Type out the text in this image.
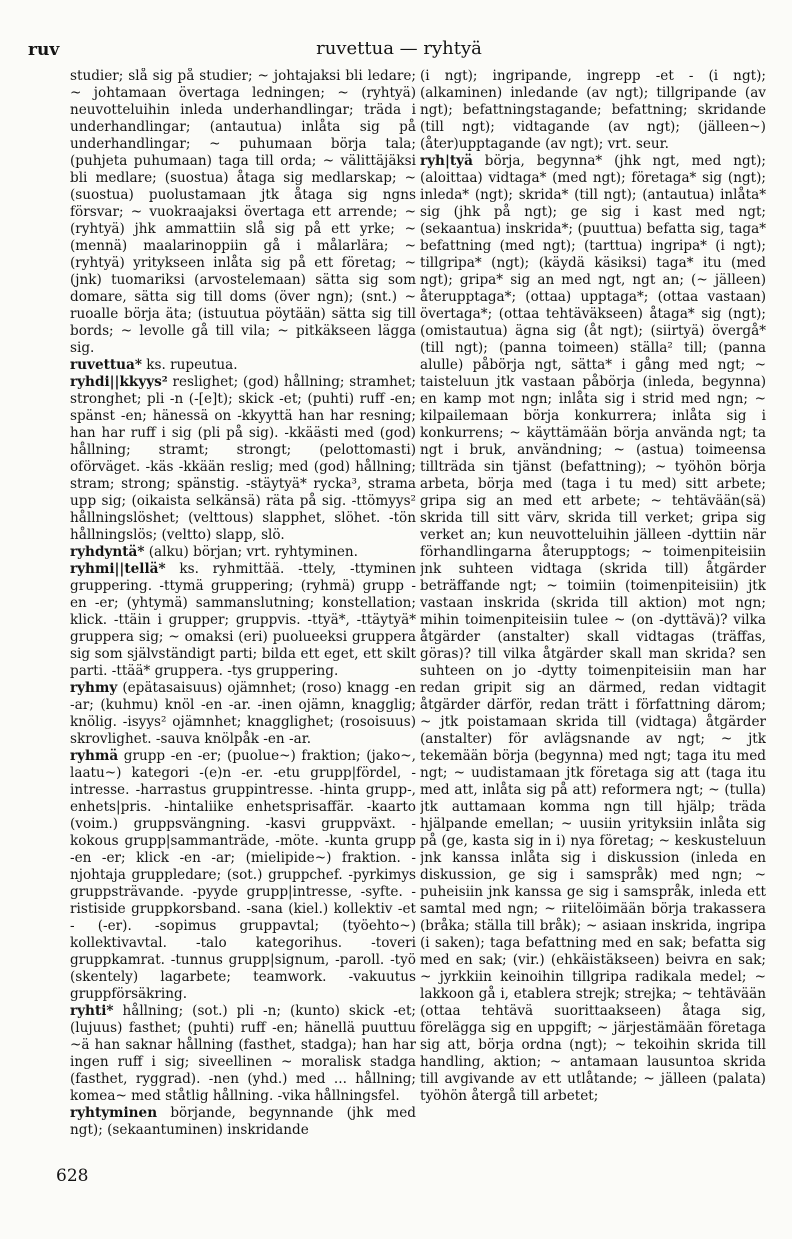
ruv	ruvettua — ryhtyä

studier; slå sig på studier; ~ johtajaksi bli ledare; ~ johtamaan övertaga ledningen; ~ (ryhtyä) neuvotteluihin inleda underhandlingar; träda i underhandlingar; (antautua) inlåta sig på underhandlingar; ~ puhumaan börja tala; (puhjeta puhumaan) taga till orda; ~ välittäjäksi bli medlare; (suostua) åtaga sig medlarskap; ~ (suostua) puolustamaan jtk åtaga sig ngns försvar; ~ vuokraajaksi övertaga ett arrende; ~ (ryhtyä) jhk ammattiin slå sig på ett yrke; ~ (mennä) maalarinoppiin gå i målarlära; ~ (ryhtyä) yritykseen inlåta sig på ett företag; ~ (jnk) tuomariksi (arvostelemaan) sätta sig som domare, sätta sig till doms (över ngn); (snt.) ~ ruoalle börja äta; (istuutua pöytään) sätta sig till bords; ~ levolle gå till vila; ~ pitkäkseen lägga sig.

ruvettua* ks. rupeutua.

ryhdi||kkyys² reslighet; (god) hållning; stramhet; stronghet; pli -n (-[e]t); skick -et; (puhti) ruff -en; spänst -en; hänessä on -kkyyttä han har resning; han har ruff i sig (pli på sig). -kkäästi med (god) hållning; stramt; strongt; (pelottomasti) oförväget. -käs -kkään reslig; med (god) hållning; stram; strong; spänstig. -stäytyä* rycka³, strama upp sig; (oikaista selkänsä) räta på sig. -ttömyys² hållningslöshet; (velttous) slapphet, slöhet. -tön hållningslös; (veltto) slapp, slö.

ryhdyntä* (alku) början; vrt. ryhtyminen.

ryhmi||tellä* ks. ryhmittää. -ttely, -ttyminen gruppering. -ttymä gruppering; (ryhmä) grupp -en -er; (yhtymä) sammanslutning; konstellation; klick. -ttäin i grupper; gruppvis. -ttyä*, -ttäytyä* gruppera sig; ~ omaksi (eri) puolueeksi gruppera sig som självständigt parti; bilda ett eget, ett skilt parti. -ttää* gruppera. -tys gruppering.

ryhmy (epätasaisuus) ojämnhet; (roso) knagg -en -ar; (kuhmu) knöl -en -ar. -inen ojämn, knagglig; knölig. -isyys² ojämnhet; knagglighet; (rosoisuus) skrovlighet. -sauva knölpåk -en -ar.

ryhmä grupp -en -er; (puolue~) fraktion; (jako~, laatu~) kategori -(e)n -er. -etu grupp|fördel, -intresse. -harrastus gruppintresse. -hinta grupp-, enhets|pris. -hintaliike enhetsprisaffär. -kaarto (voim.) gruppsvängning. -kasvi gruppväxt. -kokous grupp|sammanträde, -möte. -kunta grupp -en -er; klick -en -ar; (mielipide~) fraktion. -njohtaja gruppledare; (sot.) gruppchef. -pyrkimys gruppsträvande. -pyyde grupp|intresse, -syfte. -ristiside gruppkorsband. -sana (kiel.) kollektiv -et - (-er). -sopimus gruppavtal; (työehto~) kollektivavtal. -talo kategorihus. -toveri gruppkamrat. -tunnus grupp|signum, -paroll. -työ (skentely) lagarbete; teamwork. -vakuutus gruppförsäkring.

ryhti* hållning; (sot.) pli -n; (kunto) skick -et; (lujuus) fasthet; (puhti) ruff -en; hänellä puuttuu ~ä han saknar hållning (fasthet, stadga); han har ingen ruff i sig; siveellinen ~ moralisk stadga (fasthet, ryggrad). -nen (yhd.) med ... hållning; komea~ med ståtlig hållning. -vika hållningsfel.

ryhtyminen börjande, begynnande (jhk med ngt); (sekaantuminen) inskridande

(i ngt); ingripande, ingrepp -et - (i ngt); (alkaminen) inledande (av ngt); tillgripande (av ngt); befattningstagande; befattning; skridande (till ngt); vidtagande (av ngt); (jälleen~) (åter)upptagande (av ngt); vrt. seur.

ryh|tyä börja, begynna* (jhk ngt, med ngt); (aloittaa) vidtaga* (med ngt); företaga* sig (ngt); inleda* (ngt); skrida* (till ngt); (antautua) inlåta* sig (jhk på ngt); ge sig i kast med ngt; (sekaantua) inskrida*; (puuttua) befatta sig, taga* befattning (med ngt); (tarttua) ingripa* (i ngt); tillgripa* (ngt); (käydä käsiksi) taga* itu (med ngt); gripa* sig an med ngt, ngt an; (~ jälleen) återupptaga*; (ottaa) upptaga*; (ottaa vastaan) övertaga*; (ottaa tehtäväkseen) åtaga* sig (ngt); (omistautua) ägna sig (åt ngt); (siirtyä) övergå* (till ngt); (panna toimeen) ställa² till; (panna alulle) påbörja ngt, sätta* i gång med ngt; ~ taisteluun jtk vastaan påbörja (inleda, begynna) en kamp mot ngn; inlåta sig i strid med ngn; ~ kilpailemaan börja konkurrera; inlåta sig i konkurrens; ~ käyttämään börja använda ngt; ta ngt i bruk, användning; ~ (astua) toimeensa tillträda sin tjänst (befattning); ~ työhön börja arbeta, börja med (taga i tu med) sitt arbete; gripa sig an med ett arbete; ~ tehtävään(sä) skrida till sitt värv, skrida till verket; gripa sig verket an; kun neuvotteluihin jälleen -dyttiin när förhandlingarna återupptogs; ~ toimenpiteisiin jnk suhteen vidtaga (skrida till) åtgärder beträffande ngt; ~ toimiin (toimenpiteisiin) jtk vastaan inskrida (skrida till aktion) mot ngn; mihin toimenpiteisiin tulee ~ (on -dyttävä)? vilka åtgärder (anstalter) skall vidtagas (träffas, göras)? till vilka åtgärder skall man skrida? sen suhteen on jo -dytty toimenpiteisiin man har redan gripit sig an därmed, redan vidtagit åtgärder därför, redan trätt i författning därom; ~ jtk poistamaan skrida till (vidtaga) åtgärder (anstalter) för avlägsnande av ngt; ~ jtk tekemään börja (begynna) med ngt; taga itu med ngt; ~ uudistamaan jtk företaga sig att (taga itu med att, inlåta sig på att) reformera ngt; ~ (tulla) jtk auttamaan komma ngn till hjälp; träda hjälpande emellan; ~ uusiin yrityksiin inlåta sig på (ge, kasta sig in i) nya företag; ~ keskusteluun jnk kanssa inlåta sig i diskussion (inleda en diskussion, ge sig i samspråk) med ngn; ~ puheisiin jnk kanssa ge sig i samspråk, inleda ett samtal med ngn; ~ riitelöimään börja trakassera (bråka; ställa till bråk); ~ asiaan inskrida, ingripa (i saken); taga befattning med en sak; befatta sig med en sak; (vir.) (ehkäistäkseen) beivra en sak; ~ jyrkkiin keinoihin tillgripa radikala medel; ~ lakkoon gå i, etablera strejk; strejka; ~ tehtävään (ottaa tehtävä suorittaakseen) åtaga sig, förelägga sig en uppgift; ~ järjestämään företaga sig att, börja ordna (ngt); ~ tekoihin skrida till handling, aktion; ~ antamaan lausuntoa skrida till avgivande av ett utlåtande; ~ jälleen (palata) työhön återgå till arbetet;

628
